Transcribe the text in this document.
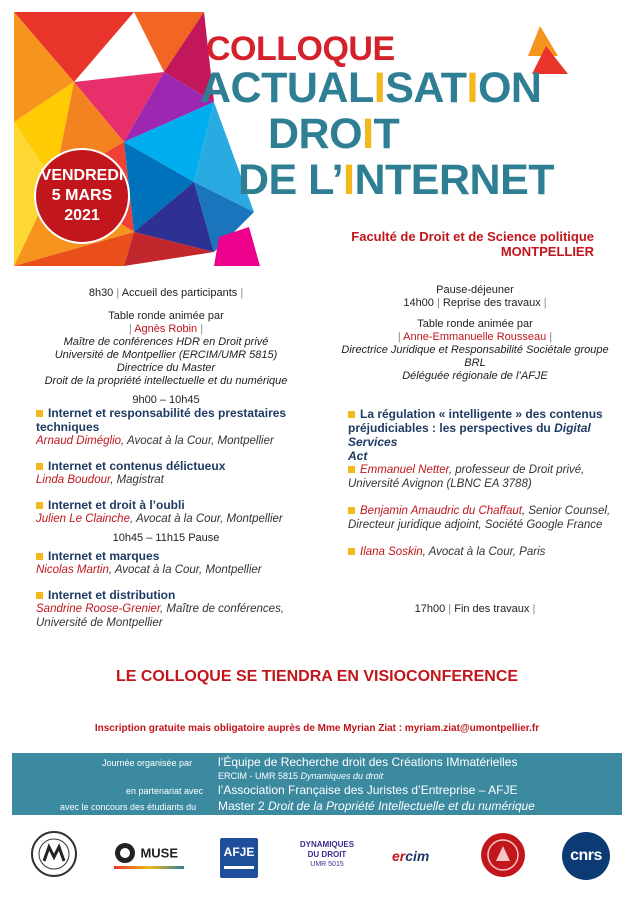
VENDREDI
5 MARS
2021
COLLOQUE
ACTUALISATION
DROIT
DE L’INTERNET
Faculté de Droit et de Science politique
MONTPELLIER
8h30 | Accueil des participants |
Table ronde animée par
| Agnès Robin |
Maître de conférences HDR en Droit privé
Université de Montpellier (ERCIM/UMR 5815)
Directrice du Master
Droit de la propriété intellectuelle et du numérique
9h00 – 10h45
Internet et responsabilité des prestataires techniques
Arnaud Diméglio, Avocat à la Cour, Montpellier
Internet et contenus délictueux
Linda Boudour, Magistrat
Internet et droit à l’oubli
Julien Le Clainche, Avocat à la Cour, Montpellier
10h45 – 11h15 Pause
Internet et marques
Nicolas Martin, Avocat à la Cour, Montpellier
Internet et distribution
Sandrine Roose-Grenier, Maître de conférences,
Université de Montpellier
Pause-déjeuner
14h00 | Reprise des travaux |
Table ronde animée par
| Anne-Emmanuelle Rousseau |
Directrice Juridique et Responsabilité Sociétale groupe BRL
Déléguée régionale de l’AFJE
La régulation « intelligente » des contenus
préjudiciables : les perspectives du Digital Services
Act
Emmanuel Netter, professeur de Droit privé,
Université Avignon (LBNC EA 3788)
Benjamin Amaudric du Chaffaut, Senior Counsel,
Directeur juridique adjoint, Société Google France
Ilana Soskin, Avocat à la Cour, Paris
17h00 | Fin des travaux |
LE COLLOQUE SE TIENDRA EN VISIOCONFERENCE
Inscription gratuite mais obligatoire auprès de Mme Myrian Ziat : myriam.ziat@umontpellier.fr
Journée organisée par l’Équipe de Recherche droit des Créations IMmatérielles
ERCIM - UMR 5815 Dynamiques du droit
en partenariat avec l’Association Française des Juristes d’Entreprise – AFJE
avec le concours des étudiants du Master 2 Droit de la Propriété Intellectuelle et du numérique
MUSE	AFJE
DYNAMIQUES
DU DROIT
UMR 5015
ercim	cnrs
